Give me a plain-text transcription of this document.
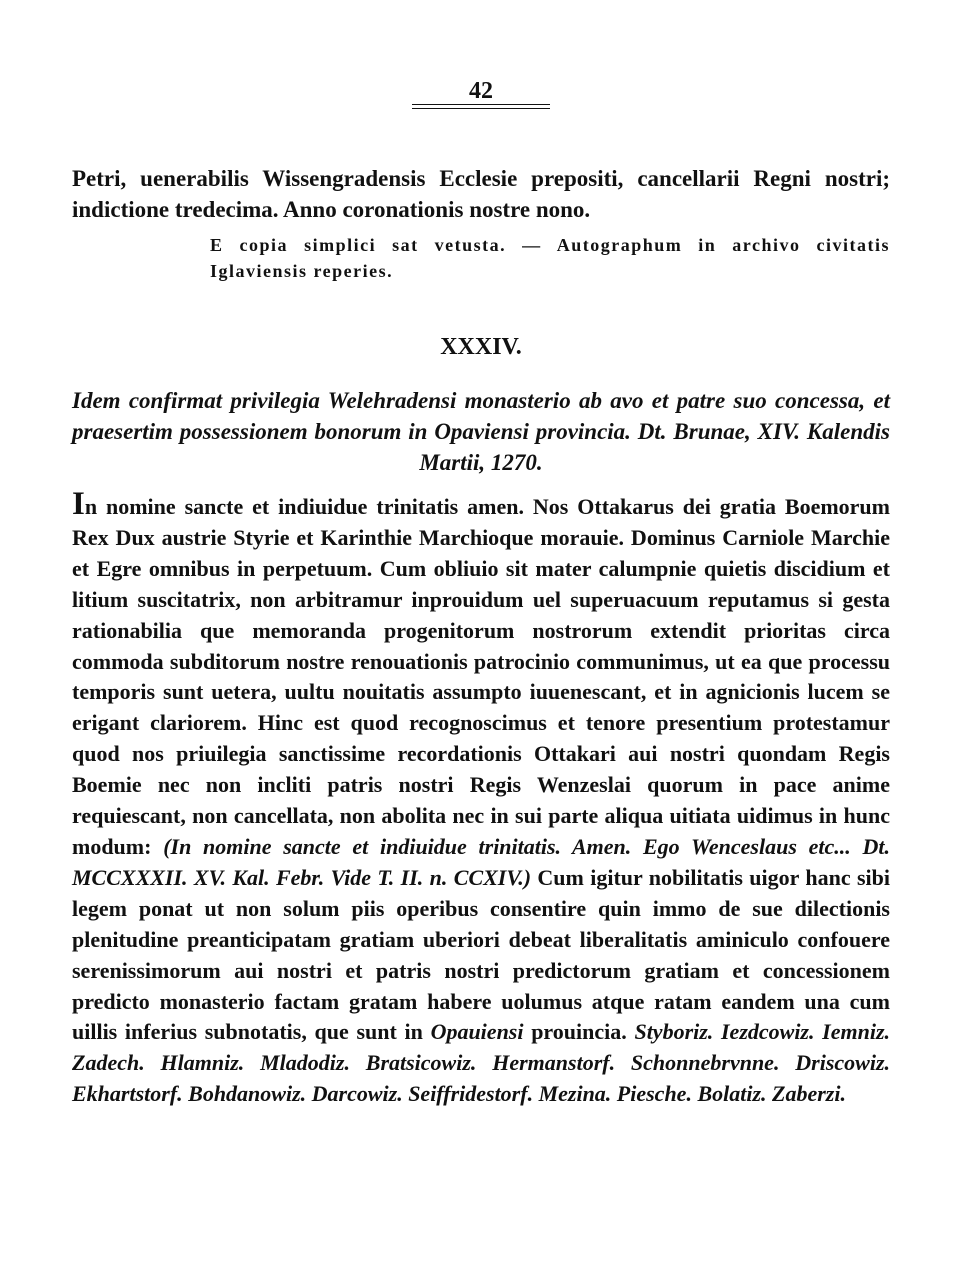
42

Petri, uenerabilis Wissengradensis Ecclesie prepositi, cancellarii Regni nostri; indictione tredecima. Anno coronationis nostre nono.

E copia simplici sat vetusta. — Autographum in archivo civitatis Iglaviensis reperies.

XXXIV.

Idem confirmat privilegia Welehradensi monasterio ab avo et patre suo concessa, et praesertim possessionem bonorum in Opaviensi provincia. Dt. Brunae, XIV. Kalendis Martii, 1270.

In nomine sancte et indiuidue trinitatis amen. Nos Ottakarus dei gratia Boemorum Rex Dux austrie Styrie et Karinthie Marchioque morauie. Dominus Carniole Marchie et Egre omnibus in perpetuum. Cum obliuio sit mater calumpnie quietis discidium et litium suscitatrix, non arbitramur inprouidum uel superuacuum reputamus si gesta rationabilia que memoranda progenitorum nostrorum extendit prioritas circa commoda subditorum nostre renouationis patrocinio communimus, ut ea que processu temporis sunt uetera, uultu nouitatis assumpto iuuenescant, et in agnicionis lucem se erigant clariorem. Hinc est quod recognoscimus et tenore presentium protestamur quod nos priuilegia sanctissime recordationis Ottakari aui nostri quondam Regis Boemie nec non incliti patris nostri Regis Wenzeslai quorum in pace anime requiescant, non cancellata, non abolita nec in sui parte aliqua uitiata uidimus in hunc modum: (In nomine sancte et indiuidue trinitatis. Amen. Ego Wenceslaus etc... Dt. MCCXXXII. XV. Kal. Febr. Vide T. II. n. CCXIV.) Cum igitur nobilitatis uigor hanc sibi legem ponat ut non solum piis operibus consentire quin immo de sue dilectionis plenitudine preanticipatam gratiam uberiori debeat liberalitatis aminiculo confouere serenissimorum aui nostri et patris nostri predictorum gratiam et concessionem predicto monasterio factam gratam habere uolumus atque ratam eandem una cum uillis inferius subnotatis, que sunt in Opauiensi prouincia. Styboriz. Iezdcowiz. Iemniz. Zadech. Hlamniz. Mladodiz. Bratsicowiz. Hermanstorf. Schonnebrvnne. Driscowiz. Ekhartstorf. Bohdanowiz. Darcowiz. Seiffridestorf. Mezina. Piesche. Bolatiz. Zaberzi.
